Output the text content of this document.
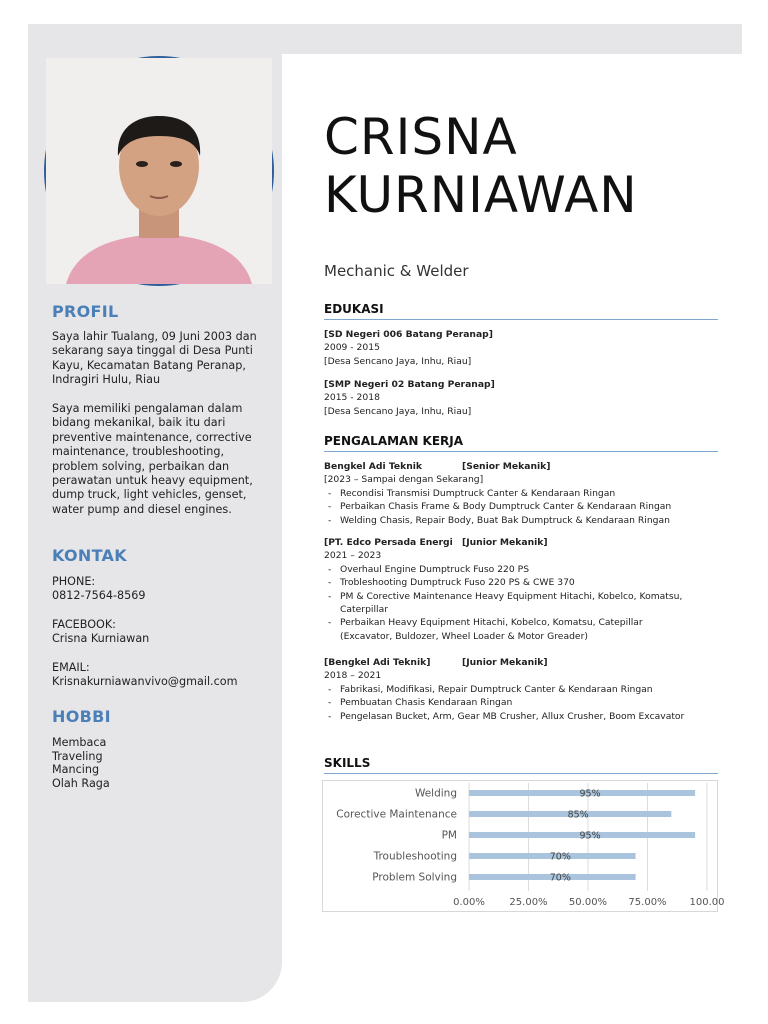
PROFIL
Saya lahir Tualang, 09 Juni 2003 dan
sekarang saya tinggal di Desa Punti
Kayu, Kecamatan Batang Peranap,
Indragiri Hulu, Riau
Saya memiliki pengalaman dalam
bidang mekanikal, baik itu dari
preventive maintenance, corrective
maintenance, troubleshooting,
problem solving, perbaikan dan
perawatan untuk heavy equipment,
dump truck, light vehicles, genset,
water pump and diesel engines.
KONTAK
PHONE:
0812-7564-8569
FACEBOOK:
Crisna Kurniawan
EMAIL:
Krisnakurniawanvivo@gmail.com
HOBBI
Membaca
Traveling
Mancing
Olah Raga
CRISNA
KURNIAWAN
Mechanic & Welder
EDUKASI
[SD Negeri 006 Batang Peranap]
2009 - 2015
[Desa Sencano Jaya, Inhu, Riau]
[SMP Negeri 02 Batang Peranap]
2015 - 2018
[Desa Sencano Jaya, Inhu, Riau]
PENGALAMAN KERJA
Bengkel Adi Teknik	[Senior Mekanik]
[2023 – Sampai dengan Sekarang]
- Recondisi Transmisi Dumptruck Canter & Kendaraan Ringan
- Perbaikan Chasis Frame & Body Dumptruck Canter & Kendaraan Ringan
- Welding Chasis, Repair Body, Buat Bak Dumptruck & Kendaraan Ringan
[PT. Edco Persada Energi [Junior Mekanik]
2021 – 2023
- Overhaul Engine Dumptruck Fuso 220 PS
- Trobleshooting Dumptruck Fuso 220 PS & CWE 370
- PM & Corective Maintenance Heavy Equipment Hitachi, Kobelco, Komatsu,
Caterpillar
- Perbaikan Heavy Equipment Hitachi, Kobelco, Komatsu, Catepillar
(Excavator, Buldozer, Wheel Loader & Motor Greader)
[Bengkel Adi Teknik]	[Junior Mekanik]
2018 – 2021
- Fabrikasi, Modifikasi, Repair Dumptruck Canter & Kendaraan Ringan
- Pembuatan Chasis Kendaraan Ringan
- Pengelasan Bucket, Arm, Gear MB Crusher, Allux Crusher, Boom Excavator
SKILLS
0.00% 25.00% 50.00% 75.00% 100.00
Welding	95%
Corective Maintenance	85%
PM	95%
Troubleshooting	70%
Problem Solving	70%
